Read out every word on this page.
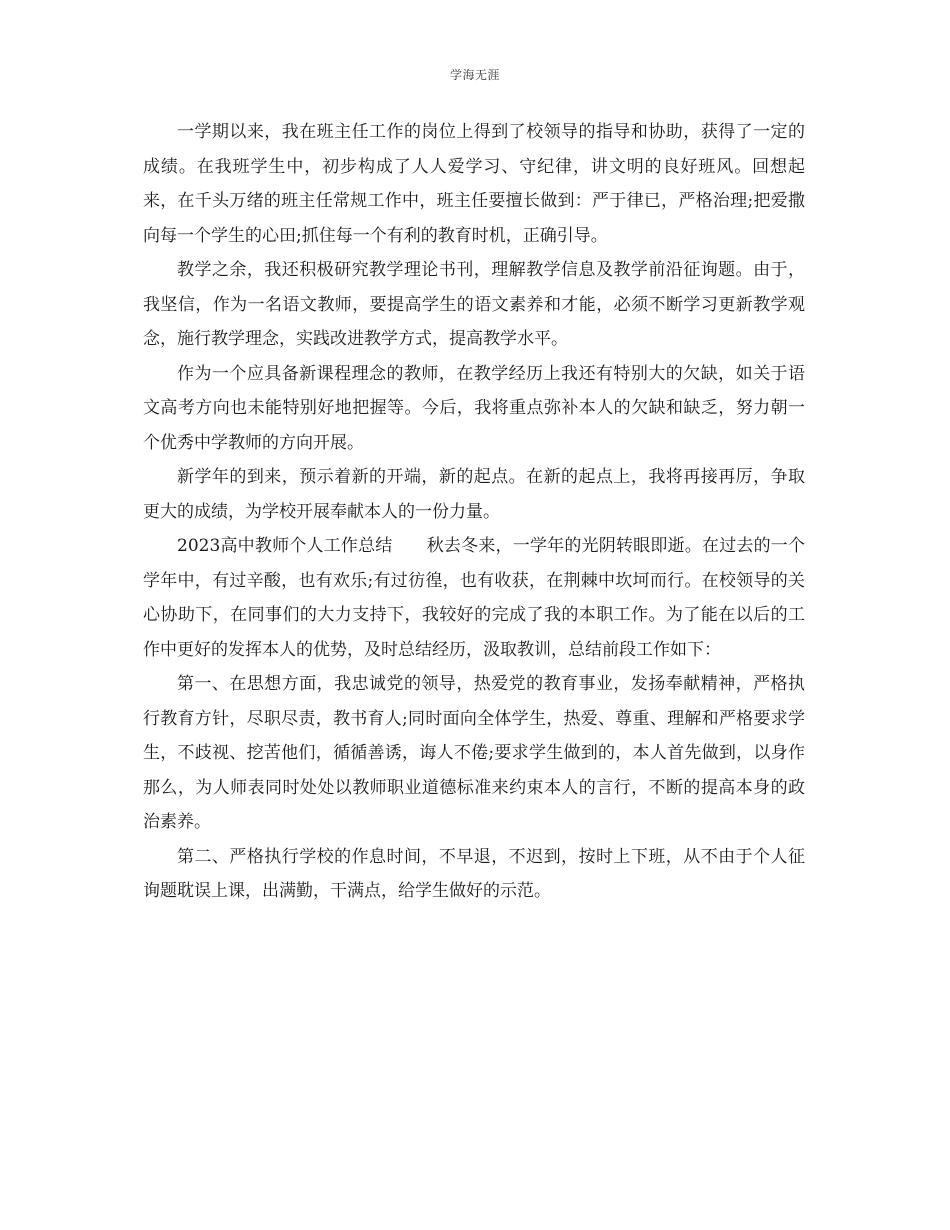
学海无涯

一学期以来，我在班主任工作的岗位上得到了校领导的指导和协助，获得了一定的成绩。在我班学生中，初步构成了人人爱学习、守纪律，讲文明的良好班风。回想起来，在千头万绪的班主任常规工作中，班主任要擅长做到：严于律已，严格治理;把爱撒向每一个学生的心田;抓住每一个有利的教育时机，正确引导。

教学之余，我还积极研究教学理论书刊，理解教学信息及教学前沿征询题。由于，我坚信，作为一名语文教师，要提高学生的语文素养和才能，必须不断学习更新教学观念，施行教学理念，实践改进教学方式，提高教学水平。

作为一个应具备新课程理念的教师，在教学经历上我还有特别大的欠缺，如关于语文高考方向也未能特别好地把握等。今后，我将重点弥补本人的欠缺和缺乏，努力朝一个优秀中学教师的方向开展。

新学年的到来，预示着新的开端，新的起点。在新的起点上，我将再接再厉，争取更大的成绩，为学校开展奉献本人的一份力量。

2023高中教师个人工作总结 秋去冬来，一学年的光阴转眼即逝。在过去的一个学年中，有过辛酸，也有欢乐;有过彷徨，也有收获，在荆棘中坎坷而行。在校领导的关心协助下，在同事们的大力支持下，我较好的完成了我的本职工作。为了能在以后的工作中更好的发挥本人的优势，及时总结经历，汲取教训，总结前段工作如下：

第一、在思想方面，我忠诚党的领导，热爱党的教育事业，发扬奉献精神，严格执行教育方针，尽职尽责，教书育人;同时面向全体学生，热爱、尊重、理解和严格要求学生，不歧视、挖苦他们，循循善诱，诲人不倦;要求学生做到的，本人首先做到，以身作那么，为人师表同时处处以教师职业道德标准来约束本人的言行，不断的提高本身的政治素养。

第二、严格执行学校的作息时间，不早退，不迟到，按时上下班，从不由于个人征询题耽误上课，出满勤，干满点，给学生做好的示范。
